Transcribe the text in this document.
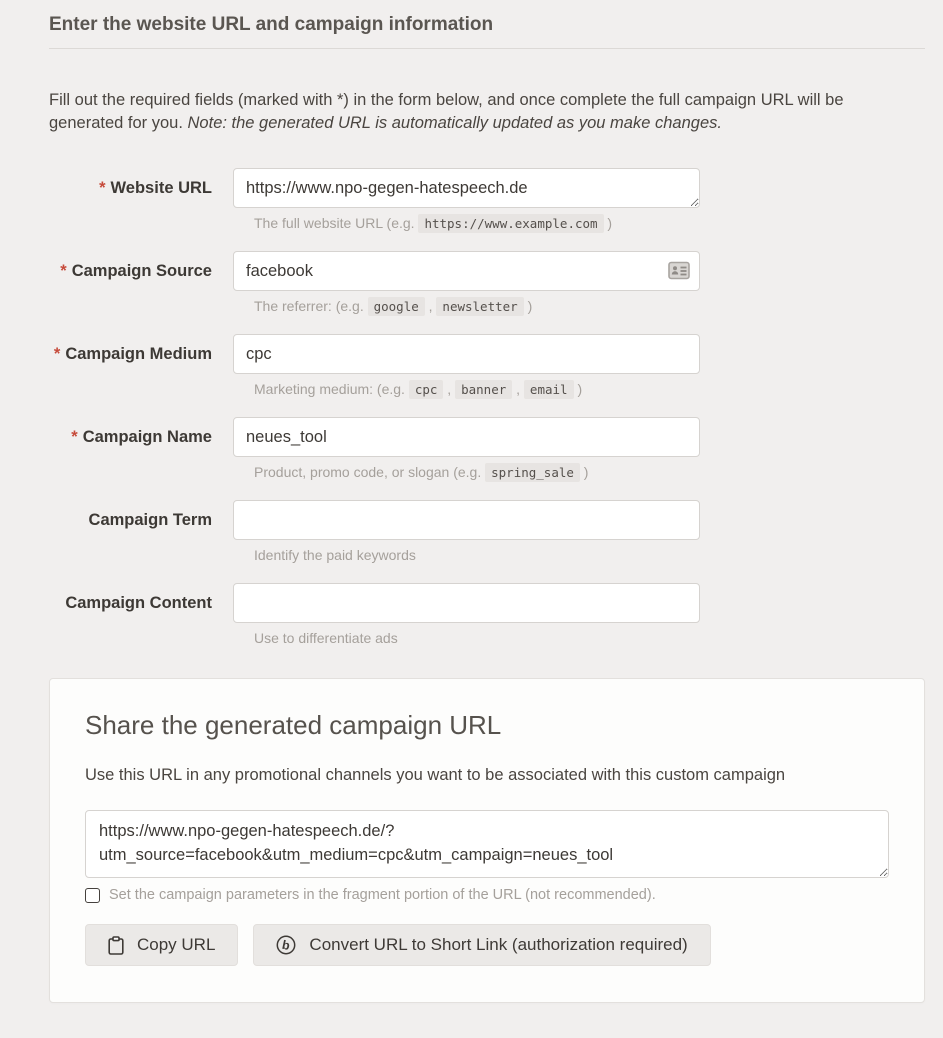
Enter the website URL and campaign information

Fill out the required fields (marked with *) in the form below, and once complete the full campaign URL will be generated for you. Note: the generated URL is automatically updated as you make changes.

* Website URL
https://www.npo-gegen-hatespeech.de
The full website URL (e.g. https://www.example.com )
* Campaign Source
facebook
The referrer: (e.g. google , newsletter )
* Campaign Medium
cpc
Marketing medium: (e.g. cpc , banner , email )
* Campaign Name
neues_tool
Product, promo code, or slogan (e.g. spring_sale )
Campaign Term
Identify the paid keywords
Campaign Content
Use to differentiate ads
Share the generated campaign URL

Use this URL in any promotional channels you want to be associated with this custom campaign

https://www.npo-gegen-hatespeech.de/? utm_source=facebook&utm_medium=cpc&utm_campaign=neues_tool
Set the campaign parameters in the fragment portion of the URL (not recommended).
Copy URL	b Convert URL to Short Link (authorization required)
